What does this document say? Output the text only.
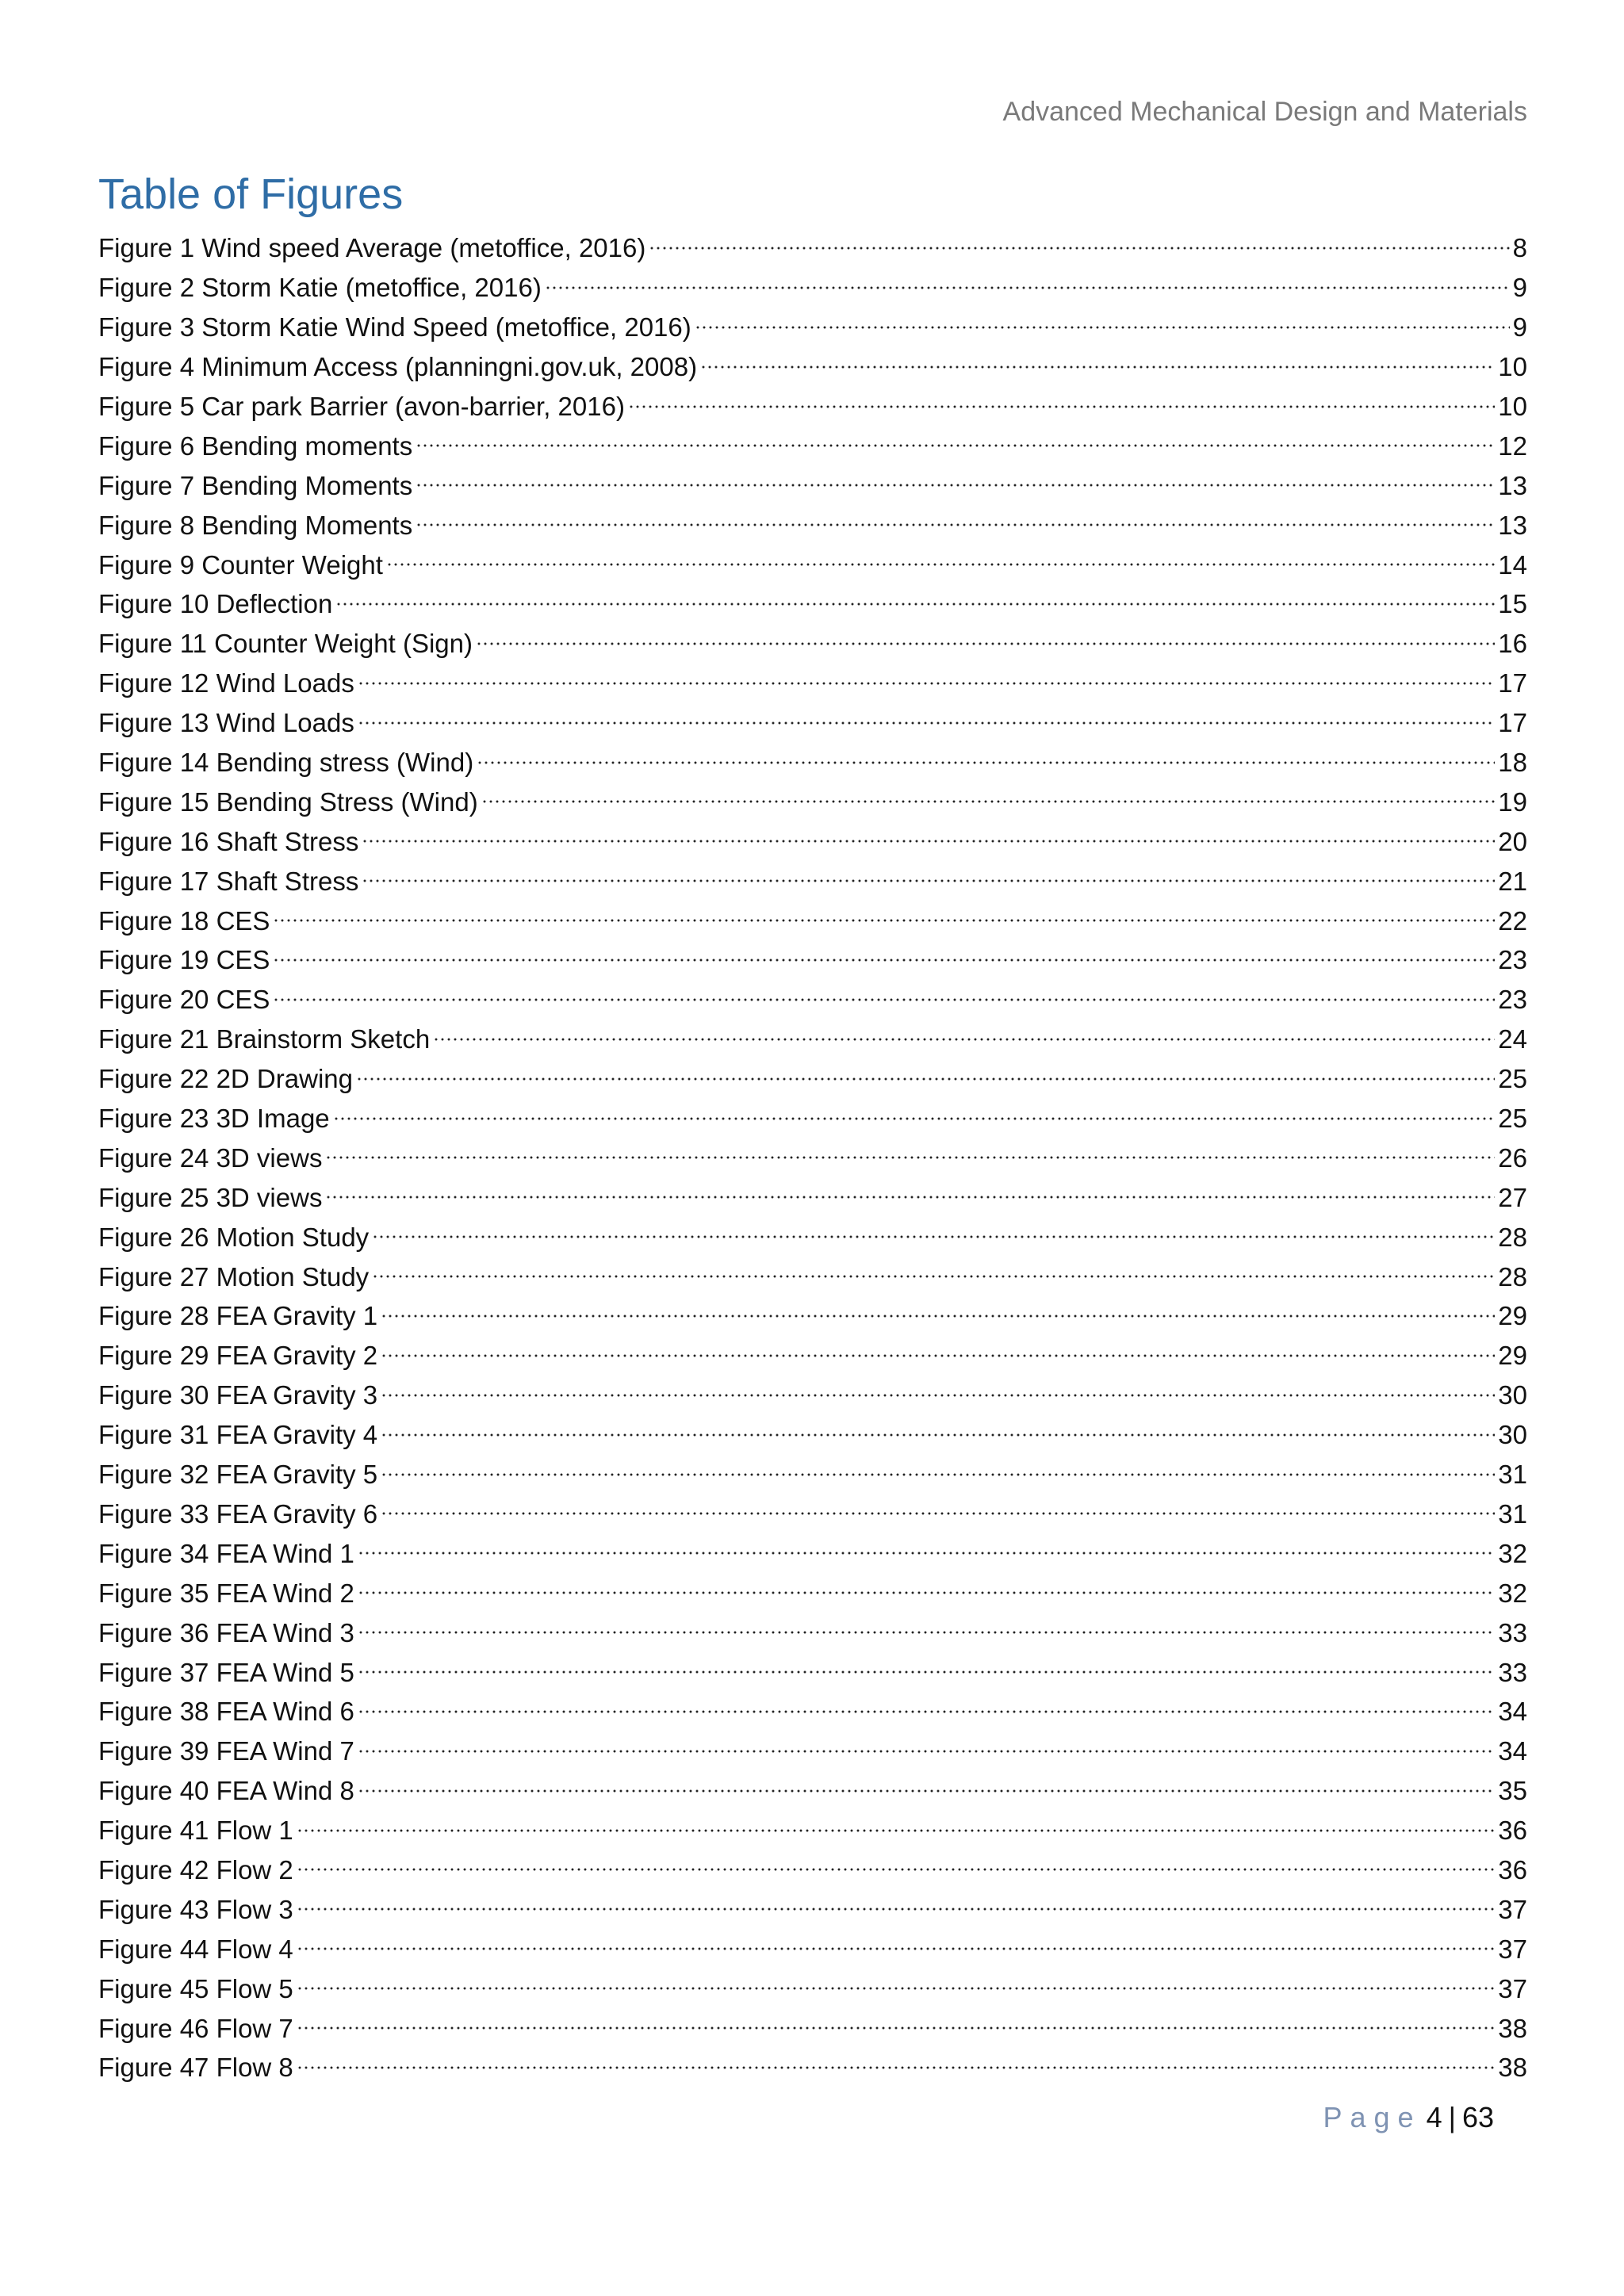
Advanced Mechanical Design and Materials
Table of Figures
Figure 1 Wind speed Average (metoffice, 2016)	8
Figure 2 Storm Katie (metoffice, 2016)	9
Figure 3 Storm Katie Wind Speed (metoffice, 2016)	9
Figure 4 Minimum Access (planningni.gov.uk, 2008)	10
Figure 5 Car park Barrier (avon-barrier, 2016)	10
Figure 6 Bending moments	12
Figure 7 Bending Moments	13
Figure 8 Bending Moments	13
Figure 9 Counter Weight	14
Figure 10 Deflection	15
Figure 11 Counter Weight (Sign)	16
Figure 12 Wind Loads	17
Figure 13 Wind Loads	17
Figure 14 Bending stress (Wind)	18
Figure 15 Bending Stress (Wind)	19
Figure 16 Shaft Stress	20
Figure 17 Shaft Stress	21
Figure 18 CES	22
Figure 19 CES	23
Figure 20 CES	23
Figure 21 Brainstorm Sketch	24
Figure 22 2D Drawing	25
Figure 23 3D Image	25
Figure 24 3D views	26
Figure 25 3D views	27
Figure 26 Motion Study	28
Figure 27 Motion Study	28
Figure 28 FEA Gravity 1	29
Figure 29 FEA Gravity 2	29
Figure 30 FEA Gravity 3	30
Figure 31 FEA Gravity 4	30
Figure 32 FEA Gravity 5	31
Figure 33 FEA Gravity 6	31
Figure 34 FEA Wind 1	32
Figure 35 FEA Wind 2	32
Figure 36 FEA Wind 3	33
Figure 37 FEA Wind 5	33
Figure 38 FEA Wind 6	34
Figure 39 FEA Wind 7	34
Figure 40 FEA Wind 8	35
Figure 41 Flow 1	36
Figure 42 Flow 2	36
Figure 43 Flow 3	37
Figure 44 Flow 4	37
Figure 45 Flow 5	37
Figure 46 Flow 7	38
Figure 47 Flow 8	38
Page 4 | 63
